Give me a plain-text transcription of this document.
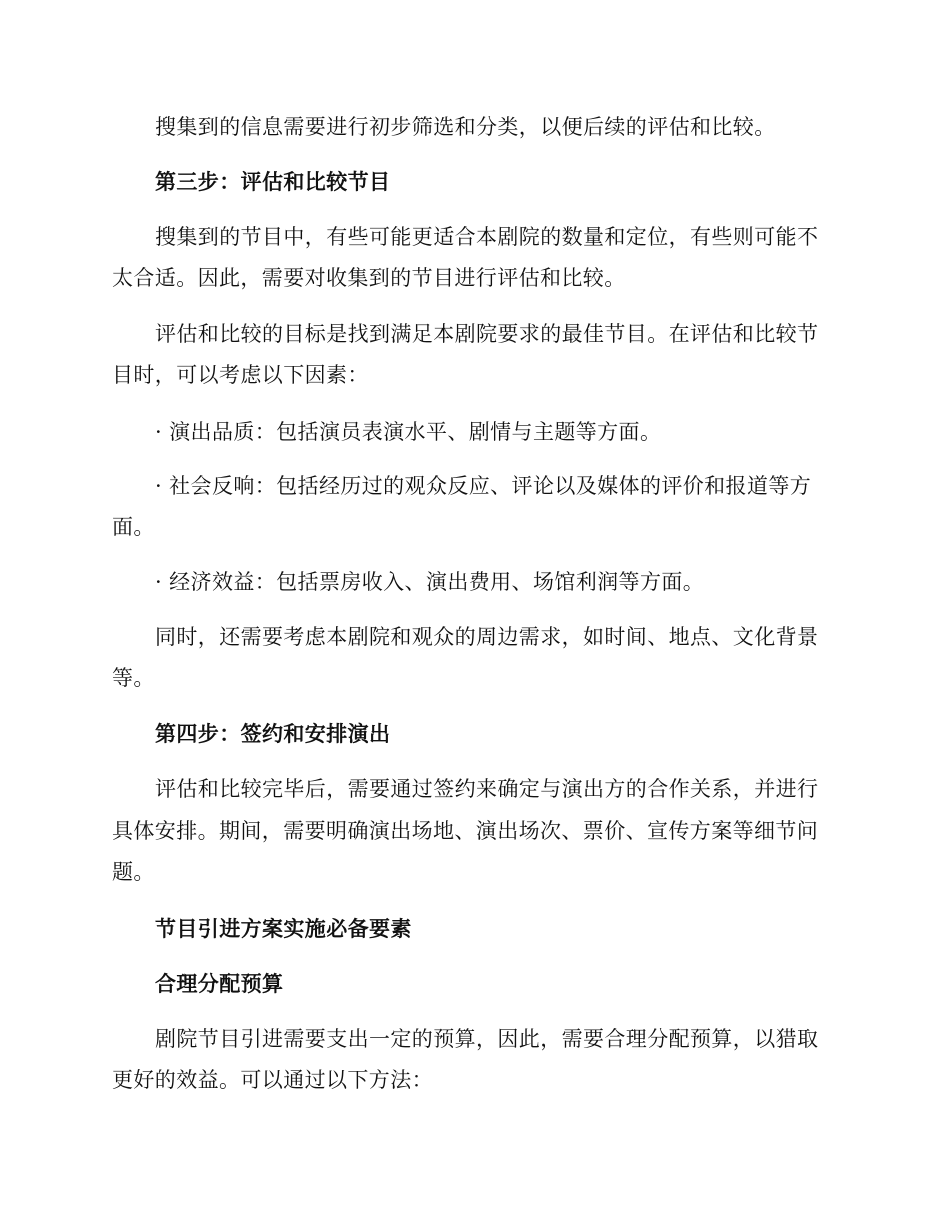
搜集到的信息需要进行初步筛选和分类，以便后续的评估和比较。
第三步：评估和比较节目
搜集到的节目中，有些可能更适合本剧院的数量和定位，有些则可能不
太合适。因此，需要对收集到的节目进行评估和比较。
评估和比较的目标是找到满足本剧院要求的最佳节目。在评估和比较节
目时，可以考虑以下因素：
· 演出品质：包括演员表演水平、剧情与主题等方面。
· 社会反响：包括经历过的观众反应、评论以及媒体的评价和报道等方
面。
· 经济效益：包括票房收入、演出费用、场馆利润等方面。
同时，还需要考虑本剧院和观众的周边需求，如时间、地点、文化背景
等。
第四步：签约和安排演出
评估和比较完毕后，需要通过签约来确定与演出方的合作关系，并进行
具体安排。期间，需要明确演出场地、演出场次、票价、宣传方案等细节问
题。
节目引进方案实施必备要素
合理分配预算
剧院节目引进需要支出一定的预算，因此，需要合理分配预算，以猎取
更好的效益。可以通过以下方法：
